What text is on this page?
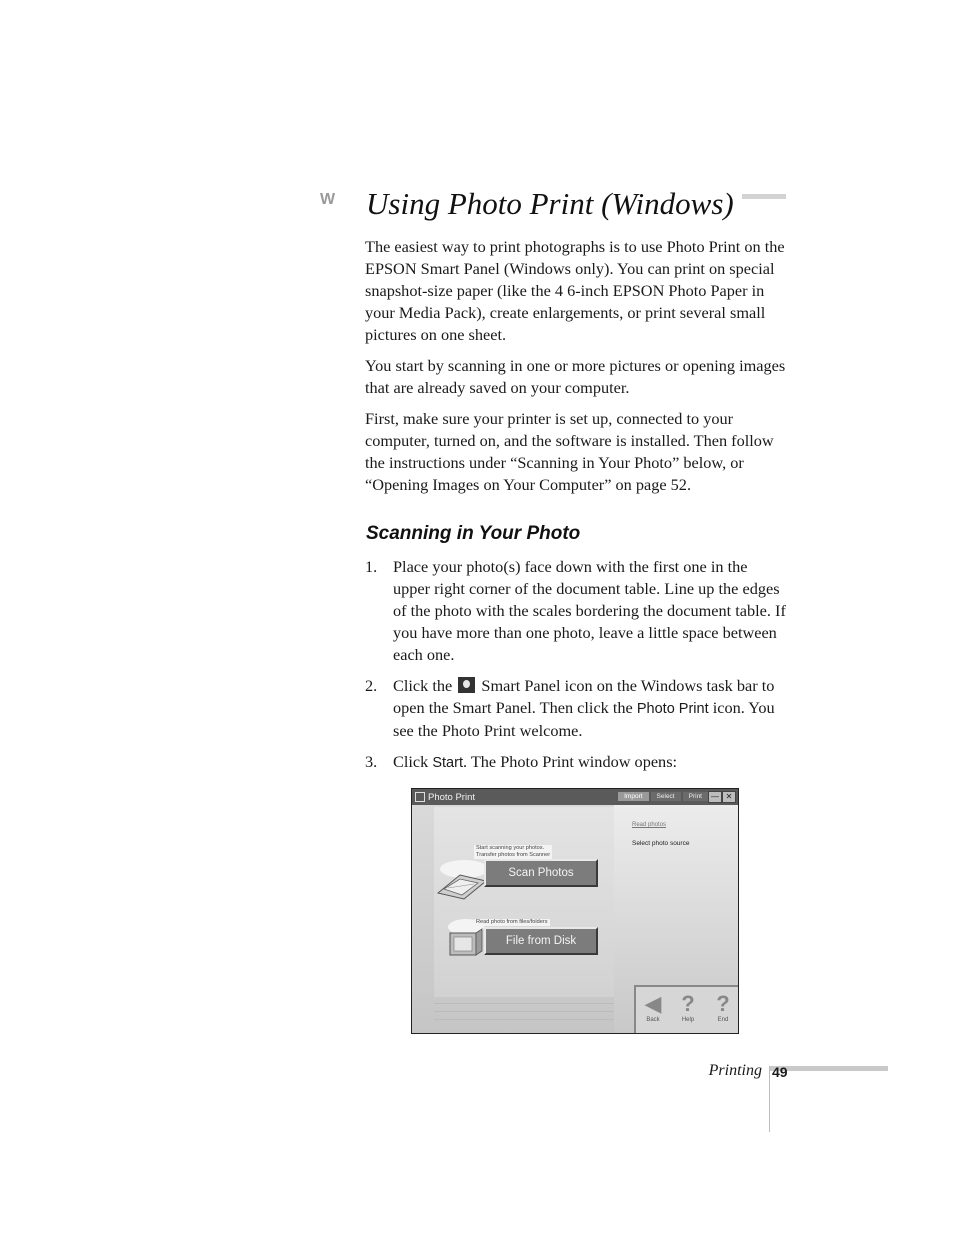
W Using Photo Print (Windows)

The easiest way to print photographs is to use Photo Print on the EPSON Smart Panel (Windows only). You can print on special snapshot-size paper (like the 4 6-inch EPSON Photo Paper in your Media Pack), create enlargements, or print several small pictures on one sheet.

You start by scanning in one or more pictures or opening images that are already saved on your computer.

First, make sure your printer is set up, connected to your computer, turned on, and the software is installed. Then follow the instructions under “Scanning in Your Photo” below, or “Opening Images on Your Computer” on page 52.

Scanning in Your Photo
1. Place your photo(s) face down with the first one in the upper right corner of the document table. Line up the edges of the photo with the scales bordering the document table. If you have more than one photo, leave a little space between each one.
2. Click the Smart Panel icon on the Windows task bar to open the Smart Panel. Then click the Photo Print icon. You see the Photo Print welcome.
3. Click Start. The Photo Print window opens:
Photo Print	Import	Select	Print	— ✕
Start scanning your photos.
Transfer photos from Scanner
Scan Photos
Read photo from files/folders
File from Disk
Read photos
Select photo source
◀
Back
?
Help
?
End
Printing 49
